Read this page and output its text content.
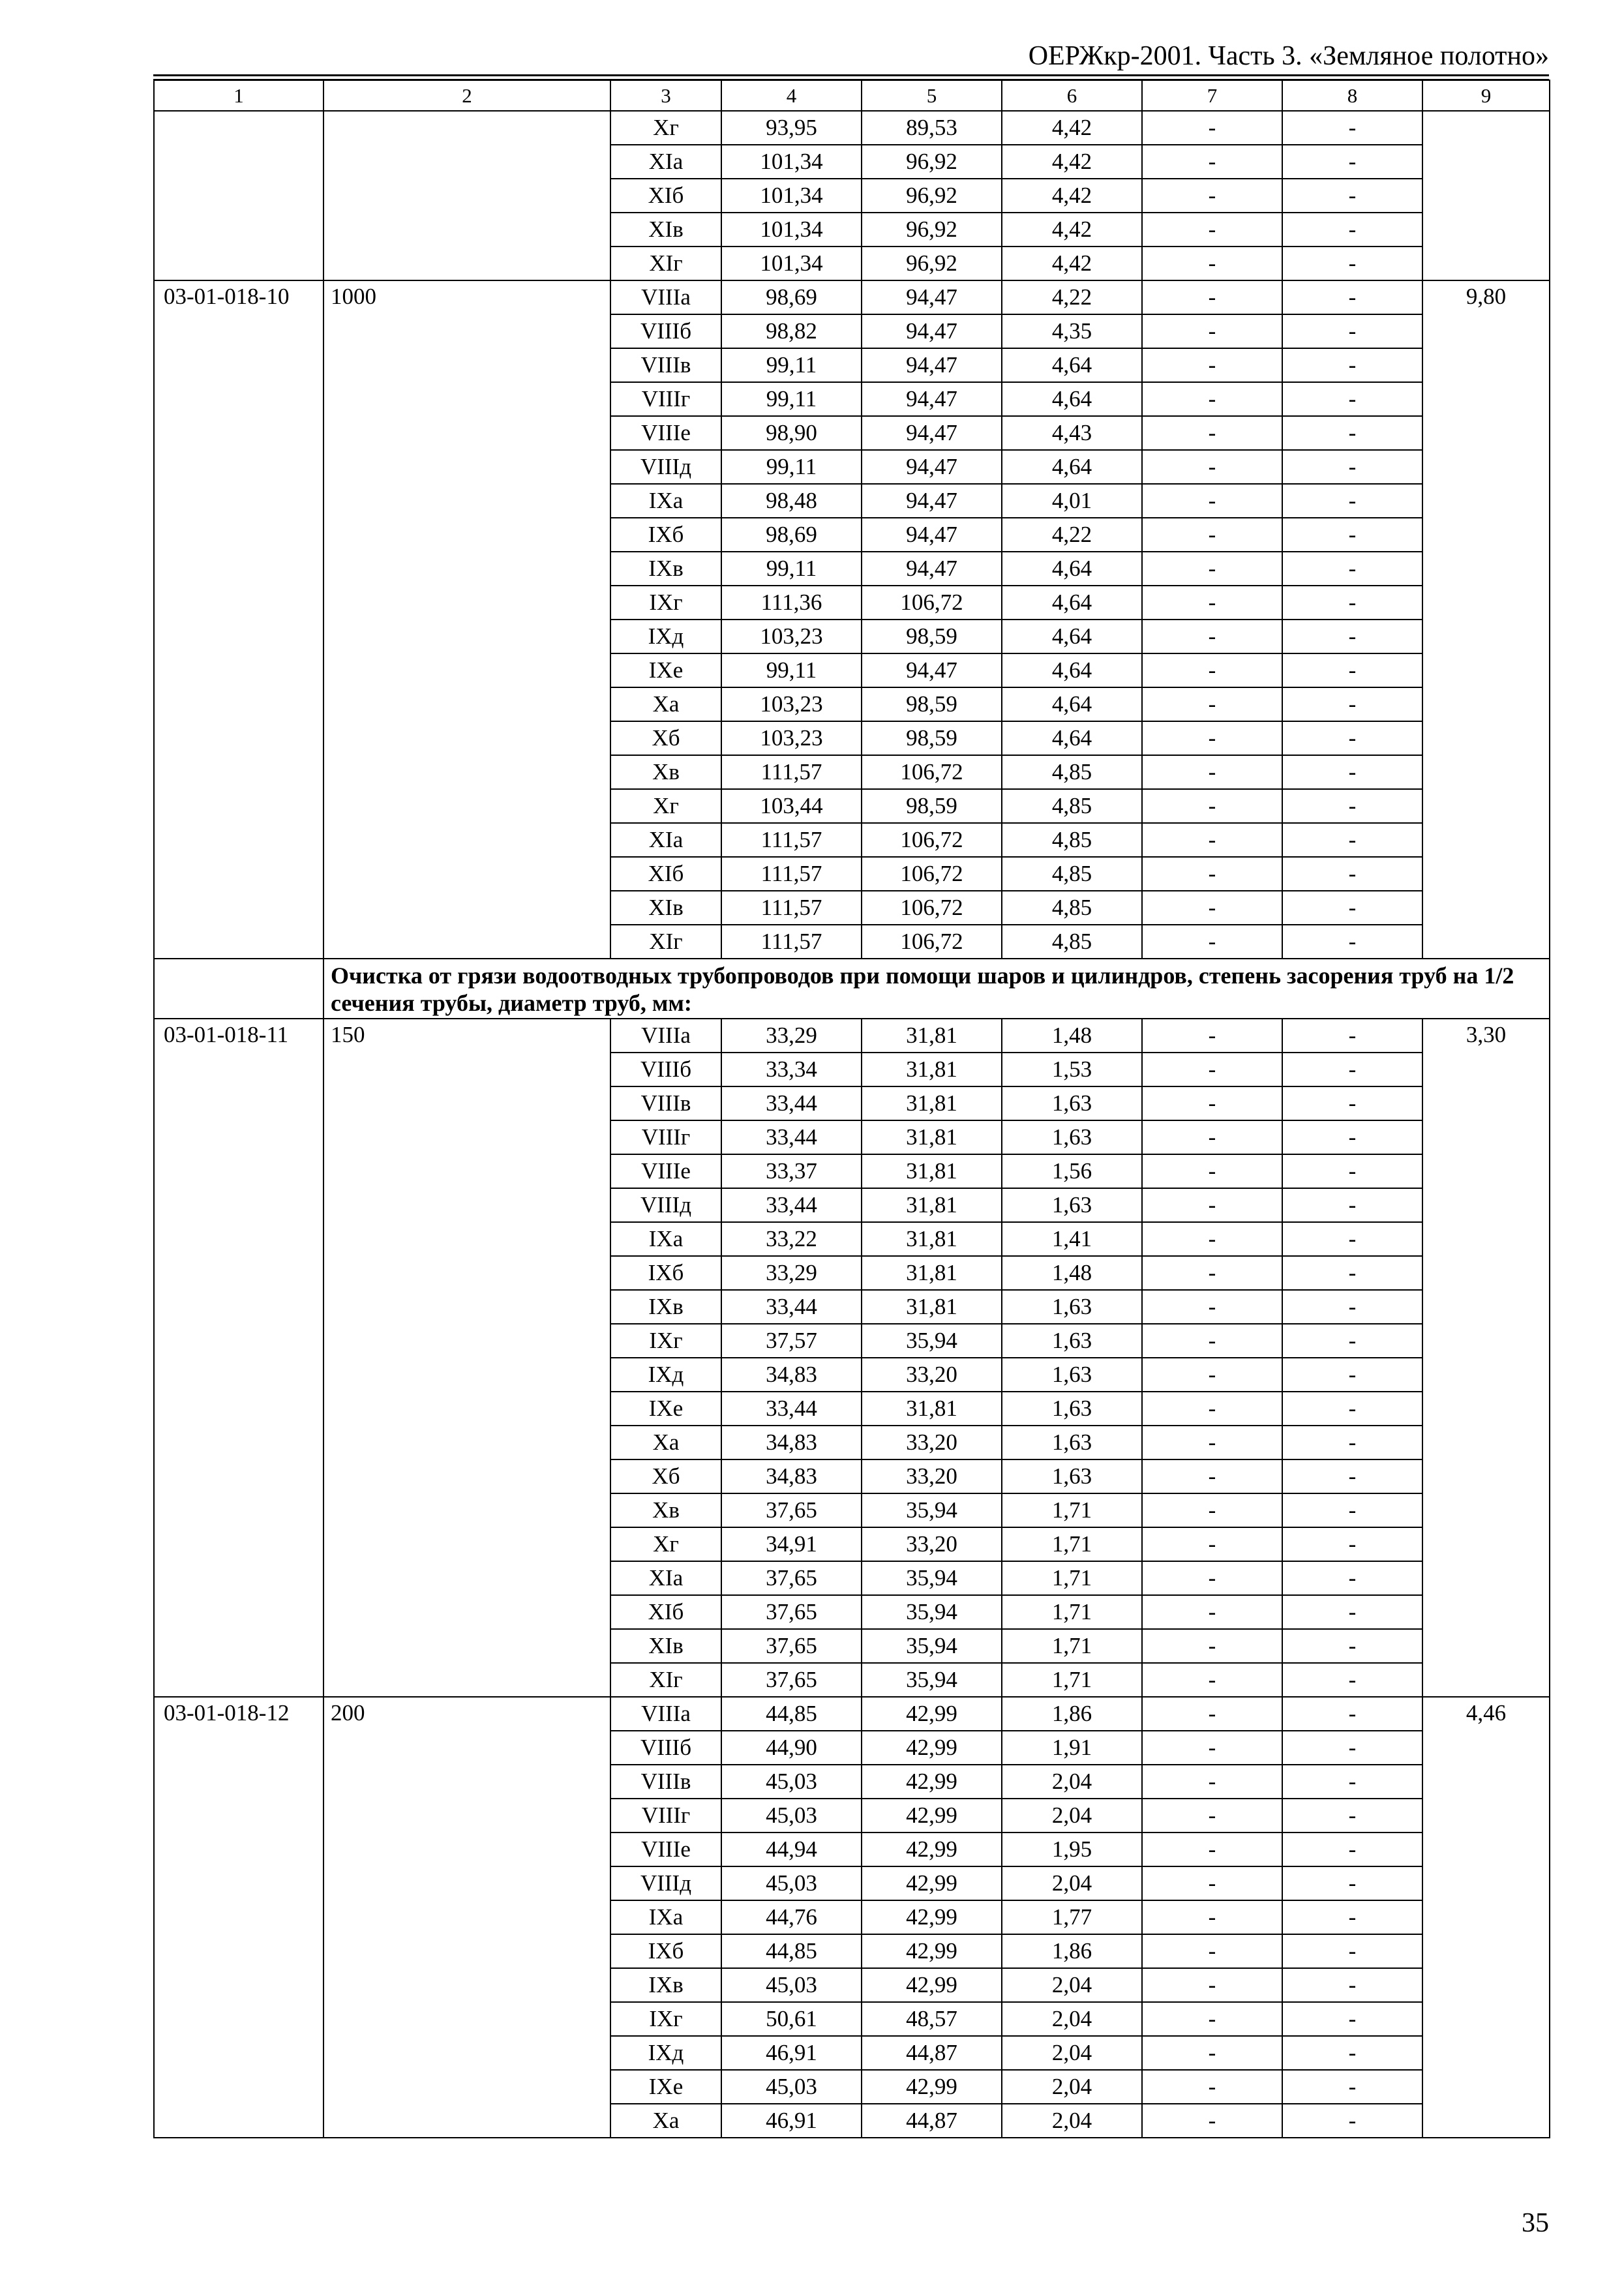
ОЕРЖкр-2001. Часть 3. «Земляное полотно»
1	2	3	4	5	6	7	8	9
		Хг	93,95	89,53	4,42	-	-	
		ХIа	101,34	96,92	4,42	-	-	
		ХIб	101,34	96,92	4,42	-	-	
		ХIв	101,34	96,92	4,42	-	-	
		ХIг	101,34	96,92	4,42	-	-	
03-01-018-10	1000	VIIIа	98,69	94,47	4,22	-	-	9,80
		VIIIб	98,82	94,47	4,35	-	-	
		VIIIв	99,11	94,47	4,64	-	-	
		VIIIг	99,11	94,47	4,64	-	-	
		VIIIе	98,90	94,47	4,43	-	-	
		VIIIд	99,11	94,47	4,64	-	-	
		IХа	98,48	94,47	4,01	-	-	
		IХб	98,69	94,47	4,22	-	-	
		IХв	99,11	94,47	4,64	-	-	
		IХг	111,36	106,72	4,64	-	-	
		IХд	103,23	98,59	4,64	-	-	
		IХе	99,11	94,47	4,64	-	-	
		Ха	103,23	98,59	4,64	-	-	
		Хб	103,23	98,59	4,64	-	-	
		Хв	111,57	106,72	4,85	-	-	
		Хг	103,44	98,59	4,85	-	-	
		ХIа	111,57	106,72	4,85	-	-	
		ХIб	111,57	106,72	4,85	-	-	
		ХIв	111,57	106,72	4,85	-	-	
		ХIг	111,57	106,72	4,85	-	-	
	Очистка от грязи водоотводных трубопроводов при помощи шаров и цилиндров, степень засорения труб на 1/2 сечения трубы, диаметр труб, мм:							
03-01-018-11	150	VIIIа	33,29	31,81	1,48	-	-	3,30
		VIIIб	33,34	31,81	1,53	-	-	
		VIIIв	33,44	31,81	1,63	-	-	
		VIIIг	33,44	31,81	1,63	-	-	
		VIIIе	33,37	31,81	1,56	-	-	
		VIIIд	33,44	31,81	1,63	-	-	
		IХа	33,22	31,81	1,41	-	-	
		IХб	33,29	31,81	1,48	-	-	
		IХв	33,44	31,81	1,63	-	-	
		IХг	37,57	35,94	1,63	-	-	
		IХд	34,83	33,20	1,63	-	-	
		IХе	33,44	31,81	1,63	-	-	
		Ха	34,83	33,20	1,63	-	-	
		Хб	34,83	33,20	1,63	-	-	
		Хв	37,65	35,94	1,71	-	-	
		Хг	34,91	33,20	1,71	-	-	
		ХIа	37,65	35,94	1,71	-	-	
		ХIб	37,65	35,94	1,71	-	-	
		ХIв	37,65	35,94	1,71	-	-	
		ХIг	37,65	35,94	1,71	-	-	
03-01-018-12	200	VIIIа	44,85	42,99	1,86	-	-	4,46
		VIIIб	44,90	42,99	1,91	-	-	
		VIIIв	45,03	42,99	2,04	-	-	
		VIIIг	45,03	42,99	2,04	-	-	
		VIIIе	44,94	42,99	1,95	-	-	
		VIIIд	45,03	42,99	2,04	-	-	
		IХа	44,76	42,99	1,77	-	-	
		IХб	44,85	42,99	1,86	-	-	
		IХв	45,03	42,99	2,04	-	-	
		IХг	50,61	48,57	2,04	-	-	
		IХд	46,91	44,87	2,04	-	-	
		IХе	45,03	42,99	2,04	-	-	
		Ха	46,91	44,87	2,04	-	-	
35
